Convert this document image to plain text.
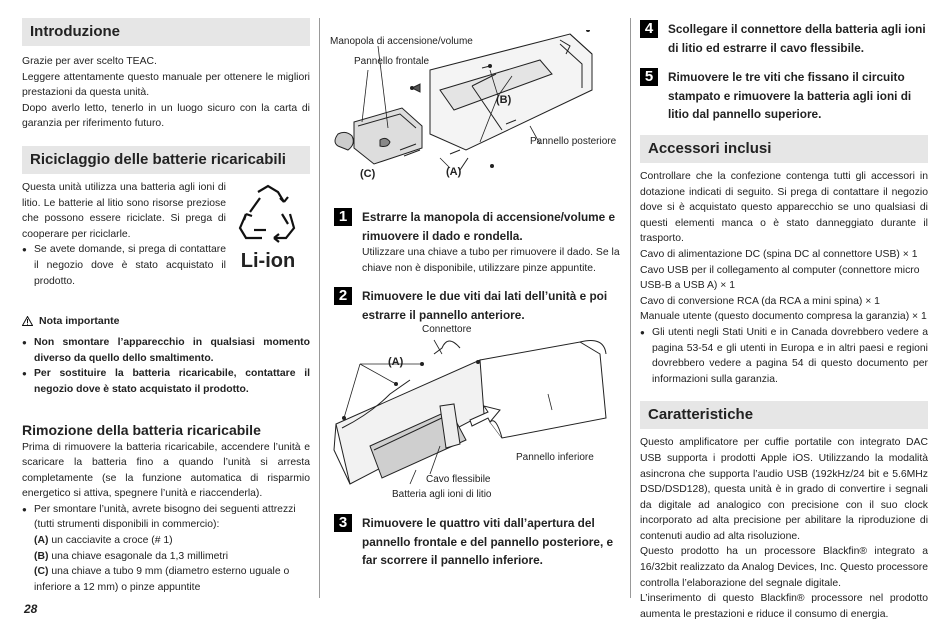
Introduzione

Grazie per aver scelto TEAC.

Leggere attentamente questo manuale per ottenere le migliori prestazioni da questa unità.

Dopo averlo letto, tenerlo in un luogo sicuro con la carta di garanzia per riferimento futuro.

Riciclaggio delle batterie ricaricabili

Questa unità utilizza una batteria agli ioni di litio. Le batterie al litio sono risorse preziose che possono essere riciclate. Si prega di cooperare per riciclarle.

● Se avete domande, si prega di contattare il negozio dove è stato acquistato il prodotto.
Li-ion
Nota importante
● Non smontare l’apparecchio in qualsiasi momento diverso da quello dello smaltimento.
● Per sostituire la batteria ricaricabile, contattare il negozio dove è stato acquistato il prodotto.
Rimozione della batteria ricaricabile

Prima di rimuovere la batteria ricaricabile, accendere l’unità e scaricare la batteria fino a quando l’unità si arresta completamente (se la funzione automatica di risparmio energetico si attiva, spegnere l’unità e riaccenderla).

● Per smontare l’unità, avrete bisogno dei seguenti attrezzi (tutti strumenti disponibili in commercio):

(A) un cacciavite a croce (# 1)

(B) una chiave esagonale da 1,3 millimetri

(C) una chiave a tubo 9 mm (diametro esterno uguale o inferiore a 12 mm) o pinze appuntite

Manopola di accensione/volume
Pannello frontale
Pannello posteriore
(A)
(B)
(C)
1	Estrarre la manopola di accensione/volume e rimuovere il dado e rondella.
Utilizzare una chiave a tubo per rimuovere il dado. Se la chiave non è disponibile, utilizzare pinze appuntite.
2	Rimuovere le due viti dai lati dell’unità e poi estrarre il pannello anteriore.
Connettore
(A)
Pannello inferiore
Cavo flessibile
Batteria agli ioni di litio
3	Rimuovere le quattro viti dall’apertura del pannello frontale e del pannello posteriore, e far scorrere il pannello inferiore.
4	Scollegare il connettore della batteria agli ioni di litio ed estrarre il cavo flessibile.
5	Rimuovere le tre viti che fissano il circuito stampato e rimuovere la batteria agli ioni di litio dal pannello superiore.
Accessori inclusi

Controllare che la confezione contenga tutti gli accessori in dotazione indicati di seguito. Si prega di contattare il negozio dove si è acquistato questo apparecchio se uno qualsiasi di questi elementi manca o è stato danneggiato durante il trasporto.

Cavo di alimentazione DC (spina DC al connettore USB) × 1

Cavo USB per il collegamento al computer (connettore micro USB-B a USB A) × 1

Cavo di conversione RCA (da RCA a mini spina) × 1

Manuale utente (questo documento compresa la garanzia) × 1

● Gli utenti negli Stati Uniti e in Canada dovrebbero vedere a pagina 53-54 e gli utenti in Europa e in altri paesi e regioni dovrebbero vedere a pagina 54 di questo documento per informazioni sulla garanzia.
Caratteristiche

Questo amplificatore per cuffie portatile con integrato DAC USB supporta i prodotti Apple iOS. Utilizzando la modalità asincrona che supporta l’audio USB (192kHz/24 bit e 5.6MHz DSD/DSD128), questa unità è in grado di convertire i segnali da digitale ad analogico con precisione con il suo clock incorporato ad alta precisione per abilitare la riproduzione di contenuti audio ad alta risoluzione.

Questo prodotto ha un processore Blackfin® integrato a 16/32bit realizzato da Analog Devices, Inc. Questo processore controlla l’elaborazione del segnale digitale.

L’inserimento di questo Blackfin® processore nel prodotto aumenta le prestazioni e riduce il consumo di energia.

28
